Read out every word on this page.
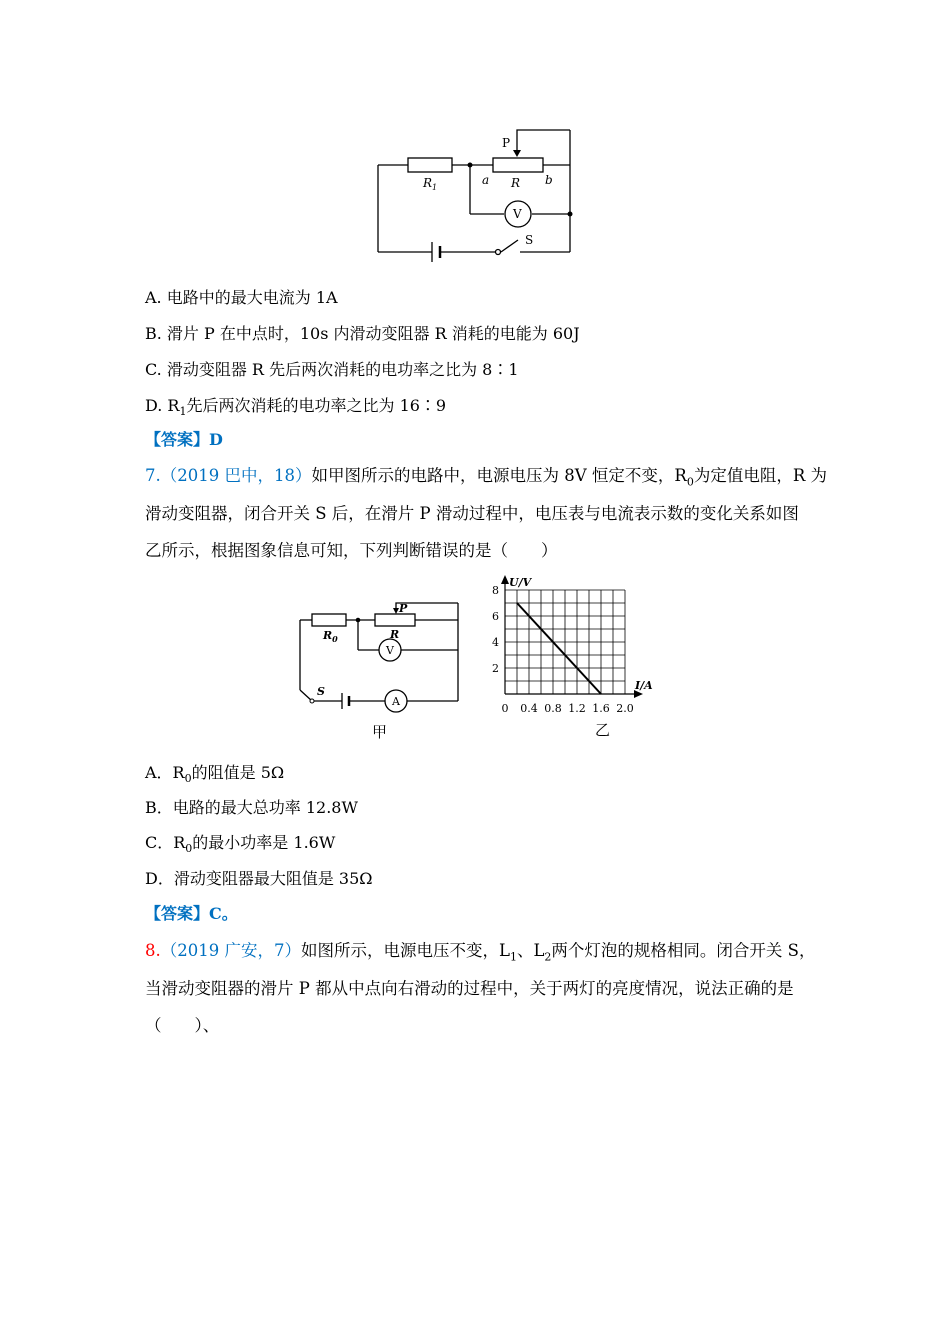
P
$R_1$
a R b
V
S
A. 电路中的最大电流为 1A
B. 滑片 P 在中点时，10s 内滑动变阻器 R 消耗的电能为 60J
C. 滑动变阻器 R 先后两次消耗的电功率之比为 8∶1
D. $R_1$先后两次消耗的电功率之比为 16∶9
【答案】D
7.（2019 巴中，18）如甲图所示的电路中，电源电压为 8V 恒定不变，$R_0$为定值电阻，R 为
滑动变阻器，闭合开关 S 后，在滑片 P 滑动过程中，电压表与电流表示数的变化关系如图
乙所示，根据图象信息可知，下列判断错误的是（　　）
$R_0$
P
R
V
S
A
甲
0 0.4 0.8 1.2 1.6 2.0
2
4
6
8
U/V
I/A
乙
A．$R_0$的阻值是 5Ω
B．电路的最大总功率 12.8W
C．$R_0$的最小功率是 1.6W
D．滑动变阻器最大阻值是 35Ω
【答案】C。
8.（2019 广安，7）如图所示，电源电压不变，$L_1$、$L_2$两个灯泡的规格相同。闭合开关 S，
当滑动变阻器的滑片 P 都从中点向右滑动的过程中，关于两灯的亮度情况，说法正确的是
（　　）、
